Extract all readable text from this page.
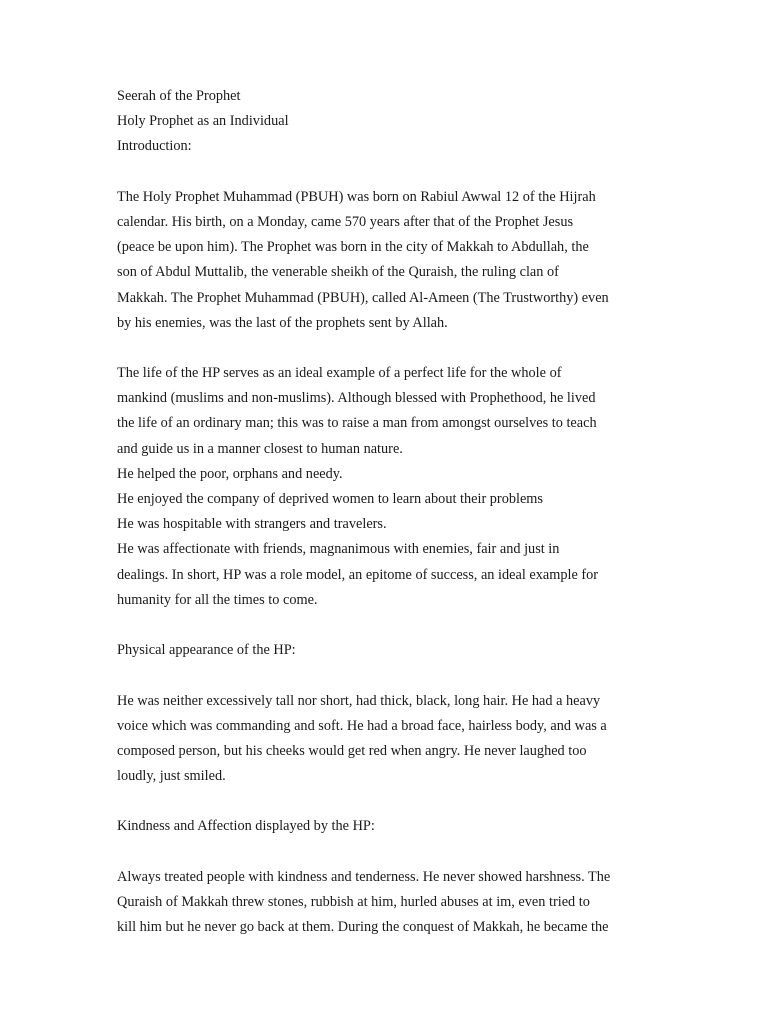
Seerah of the Prophet
Holy Prophet as an Individual
Introduction:
The Holy Prophet Muhammad (PBUH) was born on Rabiul Awwal 12 of the Hijrah
calendar. His birth, on a Monday, came 570 years after that of the Prophet Jesus
(peace be upon him). The Prophet was born in the city of Makkah to Abdullah, the
son of Abdul Muttalib, the venerable sheikh of the Quraish, the ruling clan of
Makkah. The Prophet Muhammad (PBUH), called Al-Ameen (The Trustworthy) even
by his enemies, was the last of the prophets sent by Allah.
The life of the HP serves as an ideal example of a perfect life for the whole of
mankind (muslims and non-muslims). Although blessed with Prophethood, he lived
the life of an ordinary man; this was to raise a man from amongst ourselves to teach
and guide us in a manner closest to human nature.
He helped the poor, orphans and needy.
He enjoyed the company of deprived women to learn about their problems
He was hospitable with strangers and travelers.
He was affectionate with friends, magnanimous with enemies, fair and just in
dealings. In short, HP was a role model, an epitome of success, an ideal example for
humanity for all the times to come.
Physical appearance of the HP:
He was neither excessively tall nor short, had thick, black, long hair. He had a heavy
voice which was commanding and soft. He had a broad face, hairless body, and was a
composed person, but his cheeks would get red when angry. He never laughed too
loudly, just smiled.
Kindness and Affection displayed by the HP:
Always treated people with kindness and tenderness. He never showed harshness. The
Quraish of Makkah threw stones, rubbish at him, hurled abuses at im, even tried to
kill him but he never go back at them. During the conquest of Makkah, he became the
